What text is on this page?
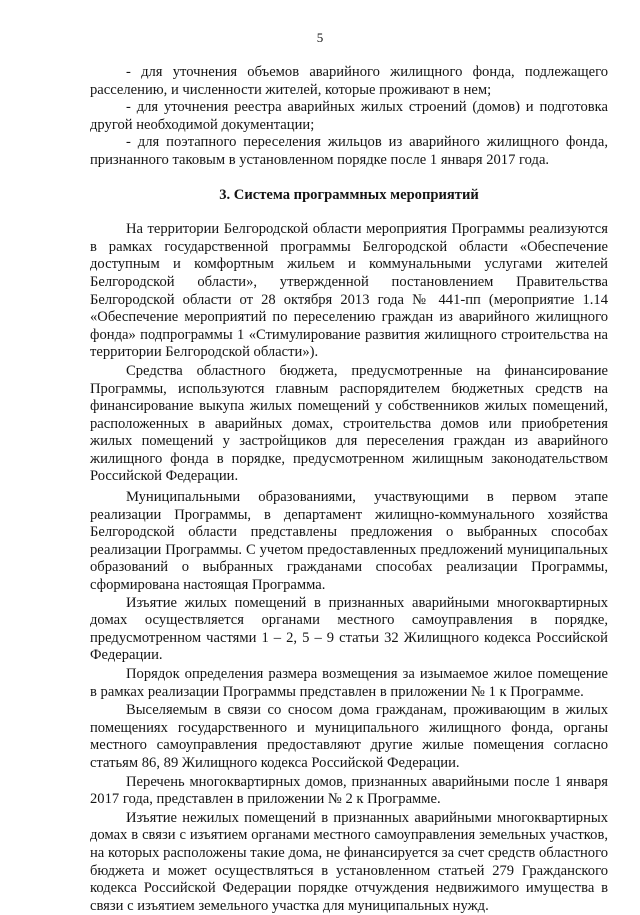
5

- для уточнения объемов аварийного жилищного фонда, подлежащего расселению, и численности жителей, которые проживают в нем;

- для уточнения реестра аварийных жилых строений (домов) и подготовка другой необходимой документации;

- для поэтапного переселения жильцов из аварийного жилищного фонда, признанного таковым в установленном порядке после 1 января 2017 года.

3. Система программных мероприятий

На территории Белгородской области мероприятия Программы реализуются в рамках государственной программы Белгородской области «Обеспечение доступным и комфортным жильем и коммунальными услугами жителей Белгородской области», утвержденной постановлением Правительства Белгородской области от 28 октября 2013 года № 441-пп (мероприятие 1.14 «Обеспечение мероприятий по переселению граждан из аварийного жилищного фонда» подпрограммы 1 «Стимулирование развития жилищного строительства на территории Белгородской области»).

Средства областного бюджета, предусмотренные на финансирование Программы, используются главным распорядителем бюджетных средств на финансирование выкупа жилых помещений у собственников жилых помещений, расположенных в аварийных домах, строительства домов или приобретения жилых помещений у застройщиков для переселения граждан из аварийного жилищного фонда в порядке, предусмотренном жилищным законодательством Российской Федерации.

Муниципальными образованиями, участвующими в первом этапе реализации Программы, в департамент жилищно-коммунального хозяйства Белгородской области представлены предложения о выбранных способах реализации Программы. С учетом предоставленных предложений муниципальных образований о выбранных гражданами способах реализации Программы, сформирована настоящая Программа.

Изъятие жилых помещений в признанных аварийными многоквартирных домах осуществляется органами местного самоуправления в порядке, предусмотренном частями 1 – 2, 5 – 9 статьи 32 Жилищного кодекса Российской Федерации.

Порядок определения размера возмещения за изымаемое жилое помещение в рамках реализации Программы представлен в приложении № 1 к Программе.

Выселяемым в связи со сносом дома гражданам, проживающим в жилых помещениях государственного и муниципального жилищного фонда, органы местного самоуправления предоставляют другие жилые помещения согласно статьям 86, 89 Жилищного кодекса Российской Федерации.

Перечень многоквартирных домов, признанных аварийными после 1 января 2017 года, представлен в приложении № 2 к Программе.

Изъятие нежилых помещений в признанных аварийными многоквартирных домах в связи с изъятием органами местного самоуправления земельных участков, на которых расположены такие дома, не финансируется за счет средств областного бюджета и может осуществляться в установленном статьей 279 Гражданского кодекса Российской Федерации порядке отчуждения недвижимого имущества в связи с изъятием земельного участка для муниципальных нужд.
